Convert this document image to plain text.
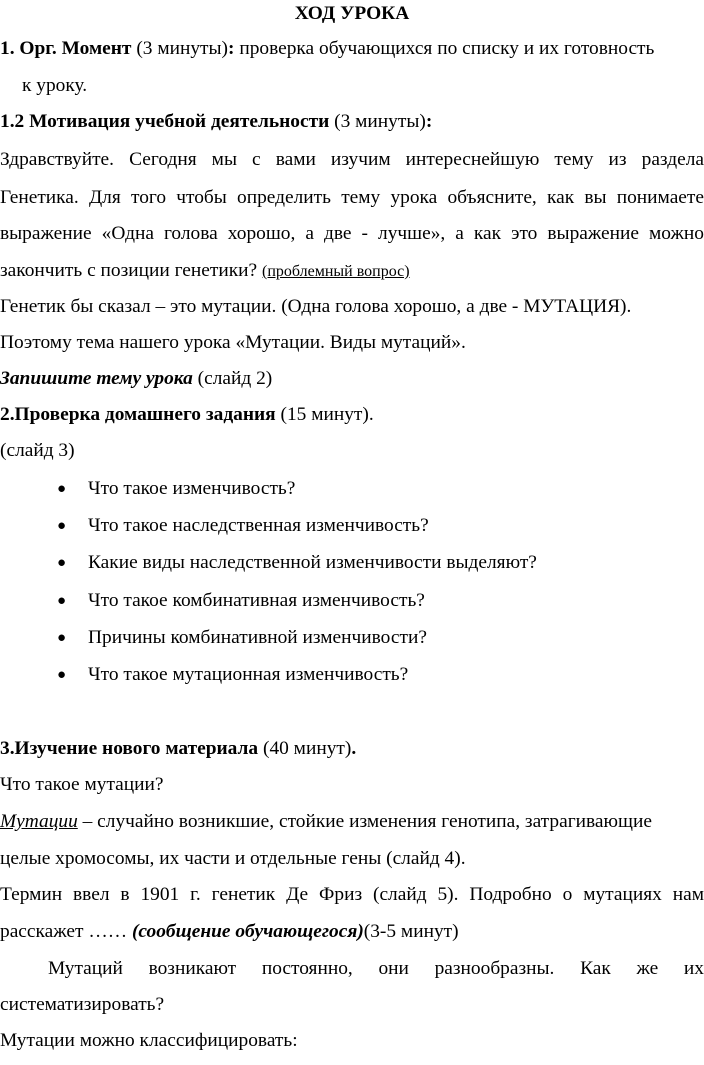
ХОД УРОКА
1. Орг. Момент (3 минуты): проверка обучающихся по списку и их готовность
к уроку.
1.2 Мотивация учебной деятельности (3 минуты):
Здравствуйте. Сегодня мы с вами изучим интереснейшую тему из раздела
Генетика. Для того чтобы определить тему урока объясните, как вы понимаете
выражение «Одна голова хорошо, а две - лучше», а как это выражение можно
закончить с позиции генетики? (проблемный вопрос)
Генетик бы сказал – это мутации. (Одна голова хорошо, а две - МУТАЦИЯ).
Поэтому тема нашего урока «Мутации. Виды мутаций».
Запишите тему урока (слайд 2)
2.Проверка домашнего задания (15 минут).
(слайд 3)
● Что такое изменчивость?
● Что такое наследственная изменчивость?
● Какие виды наследственной изменчивости выделяют?
● Что такое комбинативная изменчивость?
● Причины комбинативной изменчивости?
● Что такое мутационная изменчивость?
3.Изучение нового материала (40 минут).
Что такое мутации?
Мутации – случайно возникшие, стойкие изменения генотипа, затрагивающие
целые хромосомы, их части и отдельные гены (слайд 4).
Термин ввел в 1901 г. генетик Де Фриз (слайд 5). Подробно о мутациях нам
расскажет …… (сообщение обучающегося)(3-5 минут)
Мутаций возникают постоянно, они разнообразны. Как же их
систематизировать?
Мутации можно классифицировать:
